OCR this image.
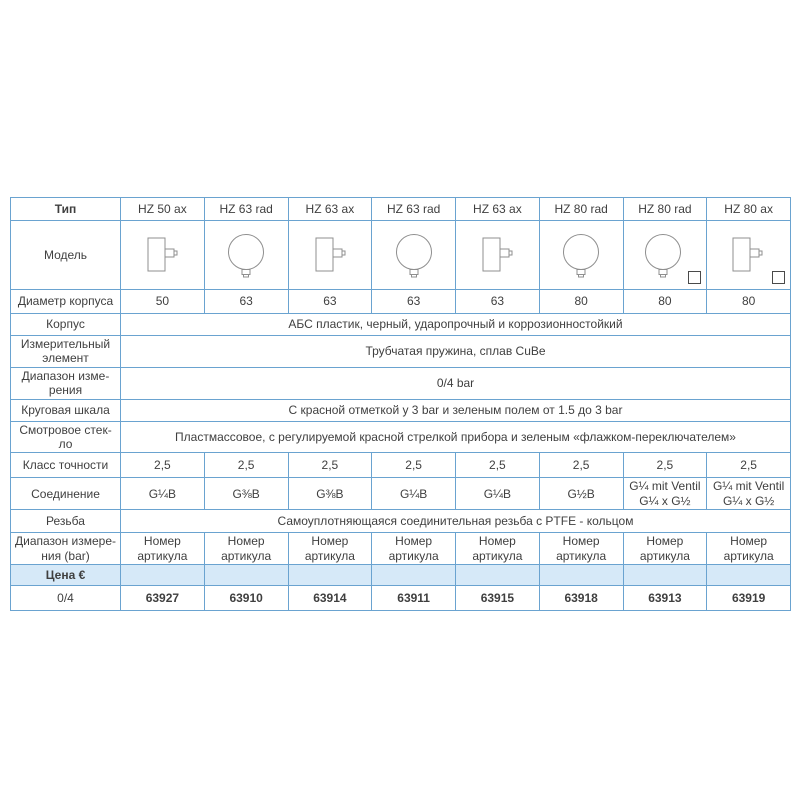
Тип	HZ 50 ax	HZ 63 rad	HZ 63 ax	HZ 63 rad	HZ 63 ax	HZ 80 rad	HZ 80 rad	HZ 80 ax
Модель	

Диаметр корпуса	50	63	63	63	63	80	80	80
Корпус	АБС пластик, черный, ударопрочный и коррозионностойкий							
Измерительный элемент	Трубчатая пружина, сплав CuBe							
Диапазон изме- рения	0/4 bar							
Круговая шкала	С красной отметкой у 3 bar и зеленым полем от 1.5 до 3 bar							
Смотровое стек- ло	Пластмассовое, с регулируемой красной стрелкой прибора и зеленым «флажком-переключателем»							
Класс точности	2,5	2,5	2,5	2,5	2,5	2,5	2,5	2,5
Соединение	G¼B	G⅜B	G⅜B	G¼B	G¼B	G½B	G¼ mit Ventil G¼ x G½	G¼ mit Ventil G¼ x G½
Резьба	Самоуплотняющаяся соединительная резьба с PTFE - кольцом							
Диапазон измере- ния (bar)	Номер артикула	Номер артикула	Номер артикула	Номер артикула	Номер артикула	Номер артикула	Номер артикула	Номер артикула
Цена €								
0/4	63927	63910	63914	63911	63915	63918	63913	63919
